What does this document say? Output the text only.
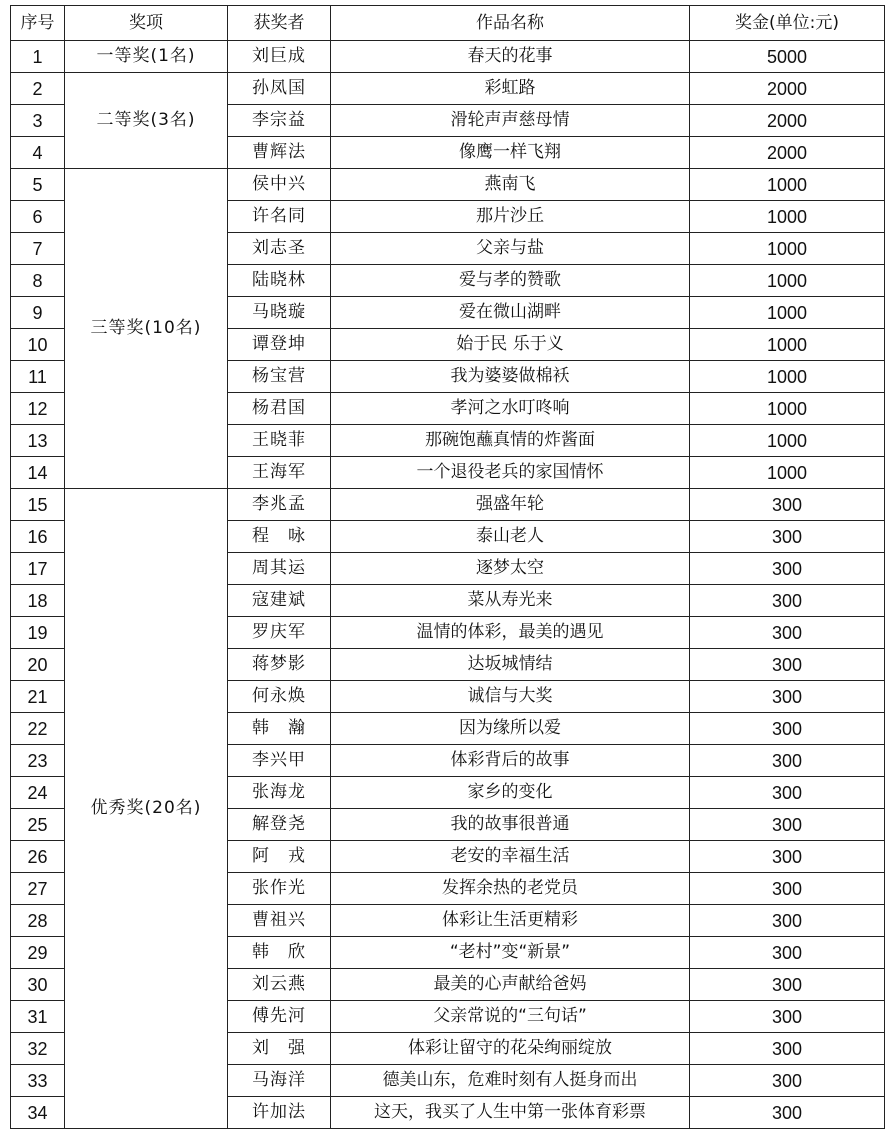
序号	奖项	获奖者	作品名称	奖金(单位:元)
1	一等奖(1名)	刘巨成	春天的花事	5000
2	二等奖(3名)	孙凤国	彩虹路	2000
3		李宗益	滑轮声声慈母情	2000
4		曹辉法	像鹰一样飞翔	2000
5	三等奖(10名)	侯中兴	燕南飞	1000
6		许名同	那片沙丘	1000
7		刘志圣	父亲与盐	1000
8		陆晓林	爱与孝的赞歌	1000
9		马晓璇	爱在微山湖畔	1000
10		谭登坤	始于民 乐于义	1000
11		杨宝营	我为婆婆做棉袄	1000
12		杨君国	孝河之水叮咚响	1000
13		王晓菲	那碗饱蘸真情的炸酱面	1000
14		王海军	一个退役老兵的家国情怀	1000
15	优秀奖(20名)	李兆孟	强盛年轮	300
16		程　咏	泰山老人	300
17		周其运	逐梦太空	300
18		寇建斌	菜从寿光来	300
19		罗庆军	温情的体彩，最美的遇见	300
20		蒋梦影	达坂城情结	300
21		何永焕	诚信与大奖	300
22		韩　瀚	因为缘所以爱	300
23		李兴甲	体彩背后的故事	300
24		张海龙	家乡的变化	300
25		解登尧	我的故事很普通	300
26		阿　戎	老安的幸福生活	300
27		张作光	发挥余热的老党员	300
28		曹祖兴	体彩让生活更精彩	300
29		韩　欣	“老村”变“新景”	300
30		刘云燕	最美的心声献给爸妈	300
31		傅先河	父亲常说的“三句话”	300
32		刘　强	体彩让留守的花朵绚丽绽放	300
33		马海洋	德美山东，危难时刻有人挺身而出	300
34		许加法	这天，我买了人生中第一张体育彩票	300
